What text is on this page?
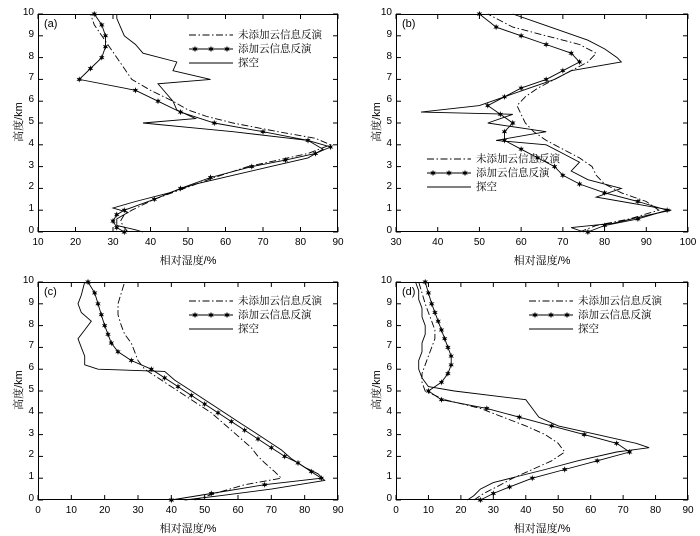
(a)
10	20	30	40	50	60	70	80	90
0
1
2
3
4
5
6
7
8
9
10
相对湿度/%
高度/km
未添加云信息反演
添加云信息反演
探空
(b)
30	40	50	60	70	80	90	100
0
1
2
3
4
5
6
7
8
9
10
相对湿度/%
高度/km
未添加云信息反演
添加云信息反演
探空
(c)
0	10	20	30	40	50	60	70	80	90
0
1
2
3
4
5
6
7
8
9
10
相对湿度/%
高度/km
未添加云信息反演
添加云信息反演
探空
(d)
0	10	20	30	40	50	60	70	80	90
0
1
2
3
4
5
6
7
8
9
10
相对湿度/%
高度/km
未添加云信息反演
添加云信息反演
探空
